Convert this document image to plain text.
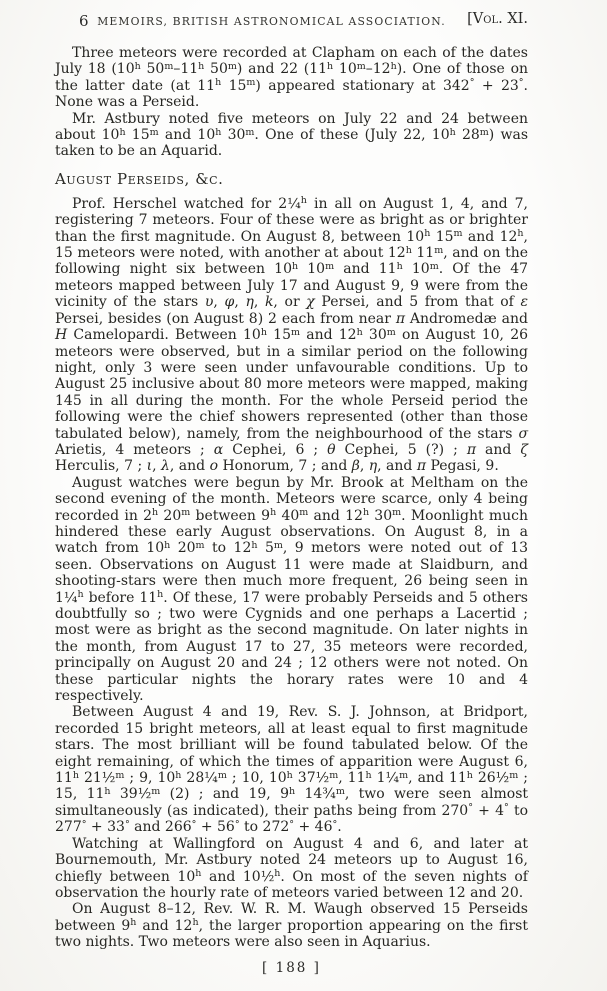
6 MEMOIRS, BRITISH ASTRONOMICAL ASSOCIATION.	[Vol. XI.

Three meteors were recorded at Clapham on each of the dates July 18 (10$^h$ 50$^m$–11$^h$ 50$^m$) and 22 (11$^h$ 10$^m$–12$^h$). One of those on the latter date (at 11$^h$ 15$^m$) appeared stationary at 342° + 23°. None was a Perseid.

Mr. Astbury noted five meteors on July 22 and 24 between about 10$^h$ 15$^m$ and 10$^h$ 30$^m$. One of these (July 22, 10$^h$ 28$^m$) was taken to be an Aquarid.

August Perseids, &c.

Prof. Herschel watched for 2¼$^h$ in all on August 1, 4, and 7, registering 7 meteors. Four of these were as bright as or brighter than the first magnitude. On August 8, between 10$^h$ 15$^m$ and 12$^h$, 15 meteors were noted, with another at about 12$^h$ 11$^m$, and on the following night six between 10$^h$ 10$^m$ and 11$^h$ 10$^m$. Of the 47 meteors mapped between July 17 and August 9, 9 were from the vicinity of the stars υ, φ, η, k, or χ Persei, and 5 from that of ε Persei, besides (on August 8) 2 each from near π Andromedæ and H Camelopardi. Between 10$^h$ 15$^m$ and 12$^h$ 30$^m$ on August 10, 26 meteors were observed, but in a similar period on the following night, only 3 were seen under unfavourable conditions. Up to August 25 inclusive about 80 more meteors were mapped, making 145 in all during the month. For the whole Perseid period the following were the chief showers represented (other than those tabulated below), namely, from the neighbourhood of the stars σ Arietis, 4 meteors ; α Cephei, 6 ; θ Cephei, 5 (?) ; π and ζ Herculis, 7 ; ι, λ, and o Honorum, 7 ; and β, η, and π Pegasi, 9.

August watches were begun by Mr. Brook at Meltham on the second evening of the month. Meteors were scarce, only 4 being recorded in 2$^h$ 20$^m$ between 9$^h$ 40$^m$ and 12$^h$ 30$^m$. Moonlight much hindered these early August observations. On August 8, in a watch from 10$^h$ 20$^m$ to 12$^h$ 5$^m$, 9 metors were noted out of 13 seen. Observations on August 11 were made at Slaidburn, and shooting-stars were then much more frequent, 26 being seen in 1¼$^h$ before 11$^h$. Of these, 17 were probably Perseids and 5 others doubtfully so ; two were Cygnids and one perhaps a Lacertid ; most were as bright as the second magnitude. On later nights in the month, from August 17 to 27, 35 meteors were recorded, principally on August 20 and 24 ; 12 others were not noted. On these particular nights the horary rates were 10 and 4 respectively.

Between August 4 and 19, Rev. S. J. Johnson, at Bridport, recorded 15 bright meteors, all at least equal to first magnitude stars. The most brilliant will be found tabulated below. Of the eight remaining, of which the times of apparition were August 6, 11$^h$ 21½$^m$ ; 9, 10$^h$ 28¼$^m$ ; 10, 10$^h$ 37½$^m$, 11$^h$ 1¼$^m$, and 11$^h$ 26½$^m$ ; 15, 11$^h$ 39½$^m$ (2) ; and 19, 9$^h$ 14¾$^m$, two were seen almost simultaneously (as indicated), their paths being from 270° + 4° to 277° + 33° and 266° + 56° to 272° + 46°.

Watching at Wallingford on August 4 and 6, and later at Bournemouth, Mr. Astbury noted 24 meteors up to August 16, chiefly between 10$^h$ and 10½$^h$. On most of the seven nights of observation the hourly rate of meteors varied between 12 and 20.

On August 8–12, Rev. W. R. M. Waugh observed 15 Perseids between 9$^h$ and 12$^h$, the larger proportion appearing on the first two nights. Two meteors were also seen in Aquarius.

[ 188 ]
